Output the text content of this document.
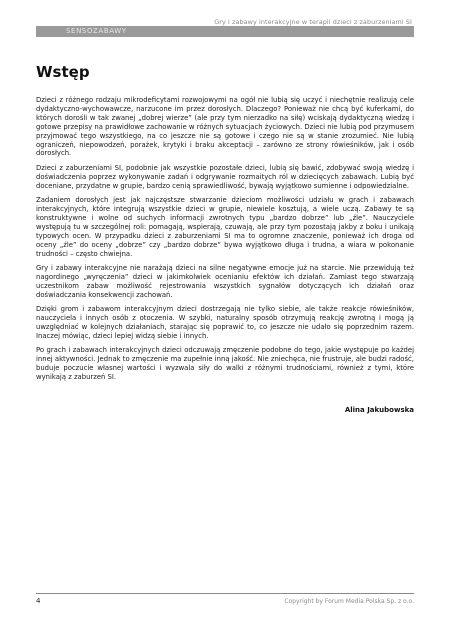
Gry i zabawy interakcyjne w terapii dzieci z zaburzeniami SI
SENSOZABAWY
Wstęp

Dzieci z różnego rodzaju mikrodeficytami rozwojowymi na ogół nie lubią się uczyć i niechętnie realizują cele dydaktyczno-wychowawcze, narzucone im przez dorosłych. Dlaczego? Ponieważ nie chcą być kuferkami, do których dorośli w tak zwanej „dobrej wierze” (ale przy tym nierzadko na siłę) wciskają dydaktyczną wiedzę i gotowe przepisy na prawidłowe zachowanie w różnych sytuacjach życiowych. Dzieci nie lubią pod przymusem przyjmować tego wszystkiego, na co jeszcze nie są gotowe i czego nie są w stanie zrozumieć. Nie lubią ograniczeń, niepowodzeń, porażek, krytyki i braku akceptacji – zarówno ze strony rówieśników, jak i osób dorosłych.

Dzieci z zaburzeniami SI, podobnie jak wszystkie pozostałe dzieci, lubią się bawić, zdobywać swoją wiedzę i doświadczenia poprzez wykonywanie zadań i odgrywanie rozmaitych ról w dziecięcych zabawach. Lubią być doceniane, przydatne w grupie, bardzo cenią sprawiedliwość, bywają wyjątkowo sumienne i odpowiedzialne.

Zadaniem dorosłych jest jak najczęstsze stwarzanie dzieciom możliwości udziału w grach i zabawach interakcyjnych, które integrują wszystkie dzieci w grupie, niewiele kosztują, a wiele uczą. Zabawy te są konstruktywne i wolne od suchych informacji zwrotnych typu „bardzo dobrze” lub „źle”. Nauczyciele występują tu w szczególnej roli: pomagają, wspierają, czuwają, ale przy tym pozostają jakby z boku i unikają typowych ocen. W przypadku dzieci z zaburzeniami SI ma to ogromne znaczenie, ponieważ ich droga od oceny „źle” do oceny „dobrze” czy „bardzo dobrze” bywa wyjątkowo długa i trudna, a wiara w pokonanie trudności – często chwiejna.

Gry i zabawy interakcyjne nie narażają dzieci na silne negatywne emocje już na starcie. Nie przewidują też nagordinego „wyręczenia” dzieci w jakimkolwiek ocenianiu efektów ich działań. Zamiast tego stwarzają uczestnikom zabaw możliwość rejestrowania wszystkich sygnałów dotyczących ich działań oraz doświadczania konsekwencji zachowań.

Dzięki grom i zabawom interakcyjnym dzieci dostrzegają nie tylko siebie, ale także reakcje rówieśników, nauczyciela i innych osób z otoczenia. W szybki, naturalny sposób otrzymują reakcję zwrotną i mogą ją uwzględniać w kolejnych działaniach, starając się poprawić to, co jeszcze nie udało się poprzednim razem. Inaczej mówiąc, dzieci lepiej widzą siebie i innych.

Po grach i zabawach interakcyjnych dzieci odczuwają zmęczenie podobne do tego, jakie występuje po każdej innej aktywności. Jednak to zmęczenie ma zupełnie inną jakość. Nie zniechęca, nie frustruje, ale budzi radość, buduje poczucie własnej wartości i wyzwala siły do walki z różnymi trudnościami, również z tymi, które wynikają z zaburzeń SI.

Alina Jakubowska
4	Copyright by Forum Media Polska Sp. z o.o.
